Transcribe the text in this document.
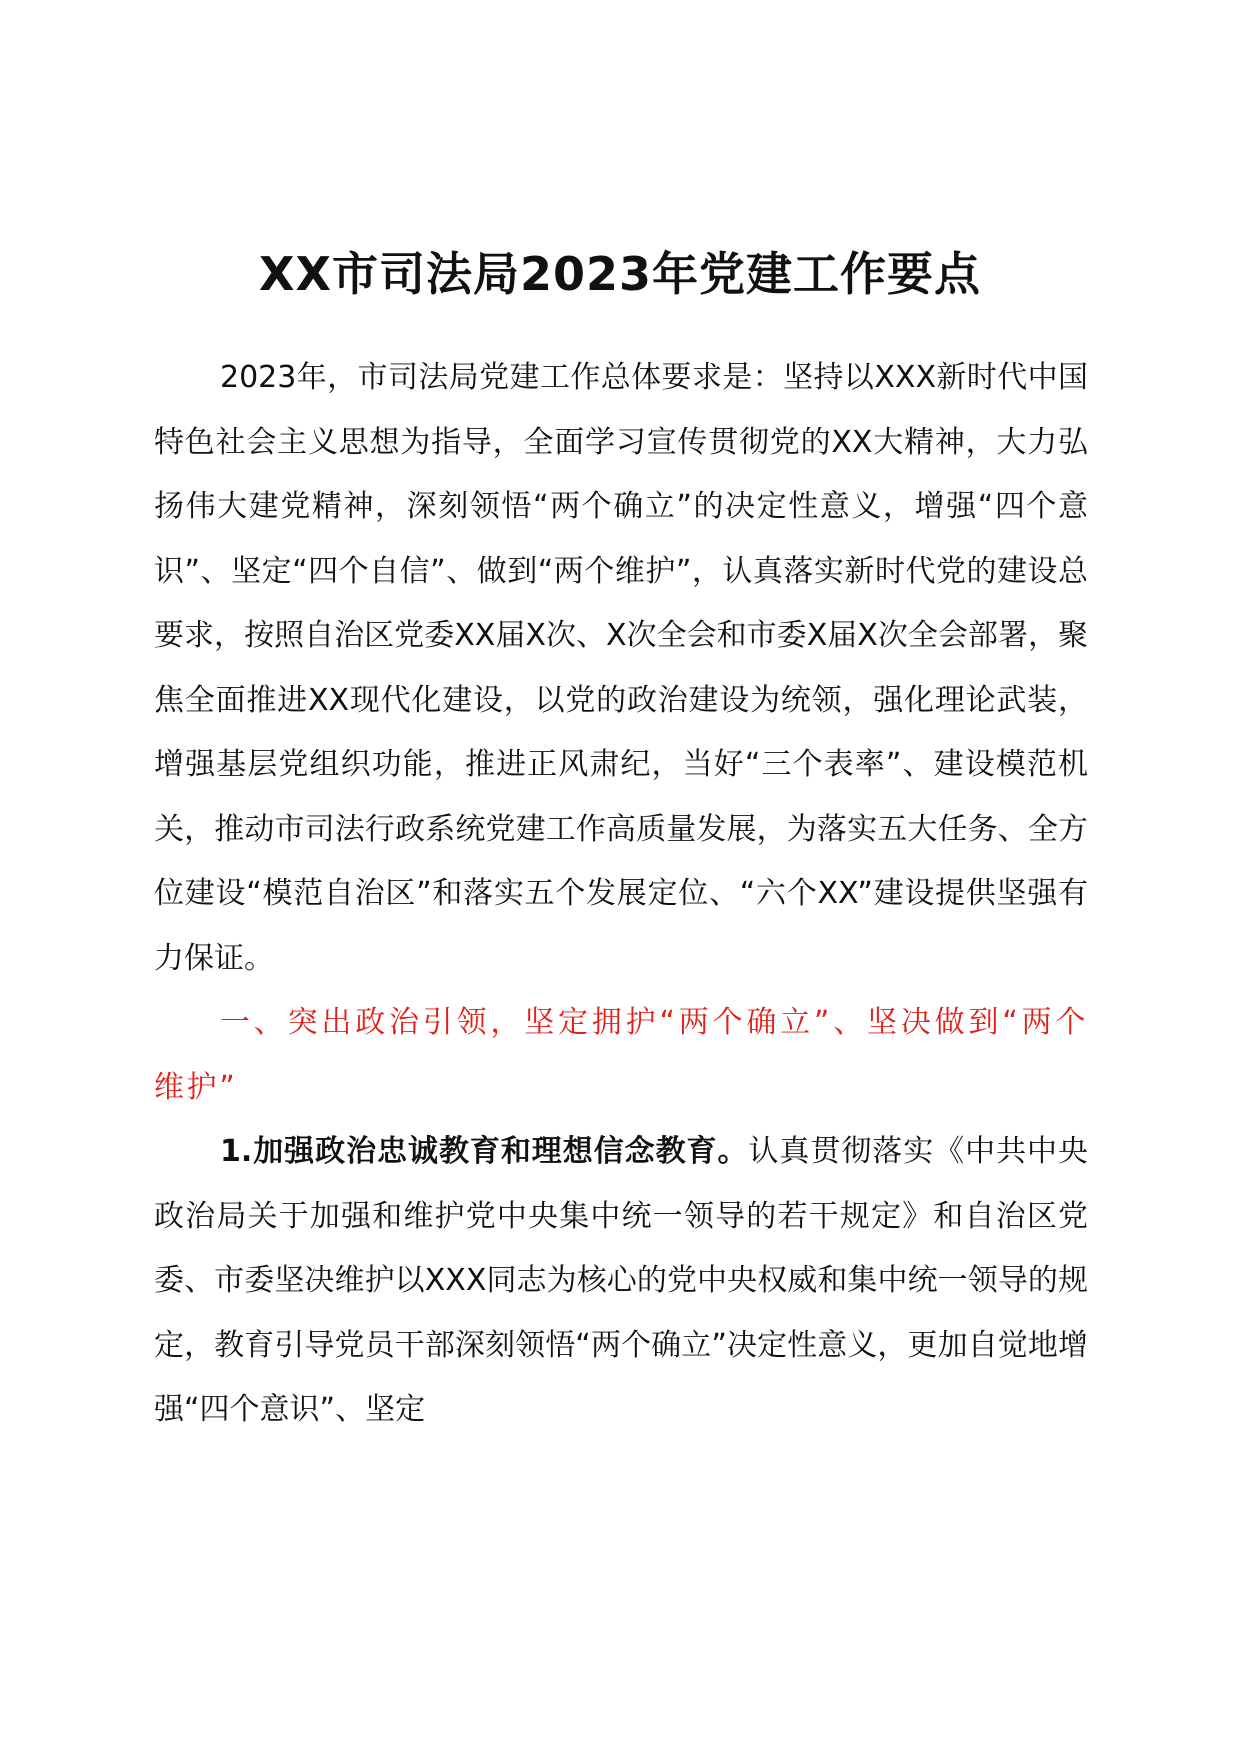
XX市司法局2023年党建工作要点

2023年，市司法局党建工作总体要求是：坚持以XXX新时代中国特色社会主义思想为指导，全面学习宣传贯彻党的XX大精神，大力弘扬伟大建党精神，深刻领悟“两个确立”的决定性意义，增强“四个意识”、坚定“四个自信”、做到“两个维护”，认真落实新时代党的建设总要求，按照自治区党委XX届X次、X次全会和市委X届X次全会部署，聚焦全面推进XX现代化建设，以党的政治建设为统领，强化理论武装，增强基层党组织功能，推进正风肃纪，当好“三个表率”、建设模范机关，推动市司法行政系统党建工作高质量发展，为落实五大任务、全方位建设“模范自治区”和落实五个发展定位、“六个XX”建设提供坚强有力保证。

一、突出政治引领，坚定拥护“两个确立”、坚决做到“两个维护”

1.加强政治忠诚教育和理想信念教育。认真贯彻落实《中共中央政治局关于加强和维护党中央集中统一领导的若干规定》和自治区党委、市委坚决维护以XXX同志为核心的党中央权威和集中统一领导的规定，教育引导党员干部深刻领悟“两个确立”决定性意义，更加自觉地增强“四个意识”、坚定
